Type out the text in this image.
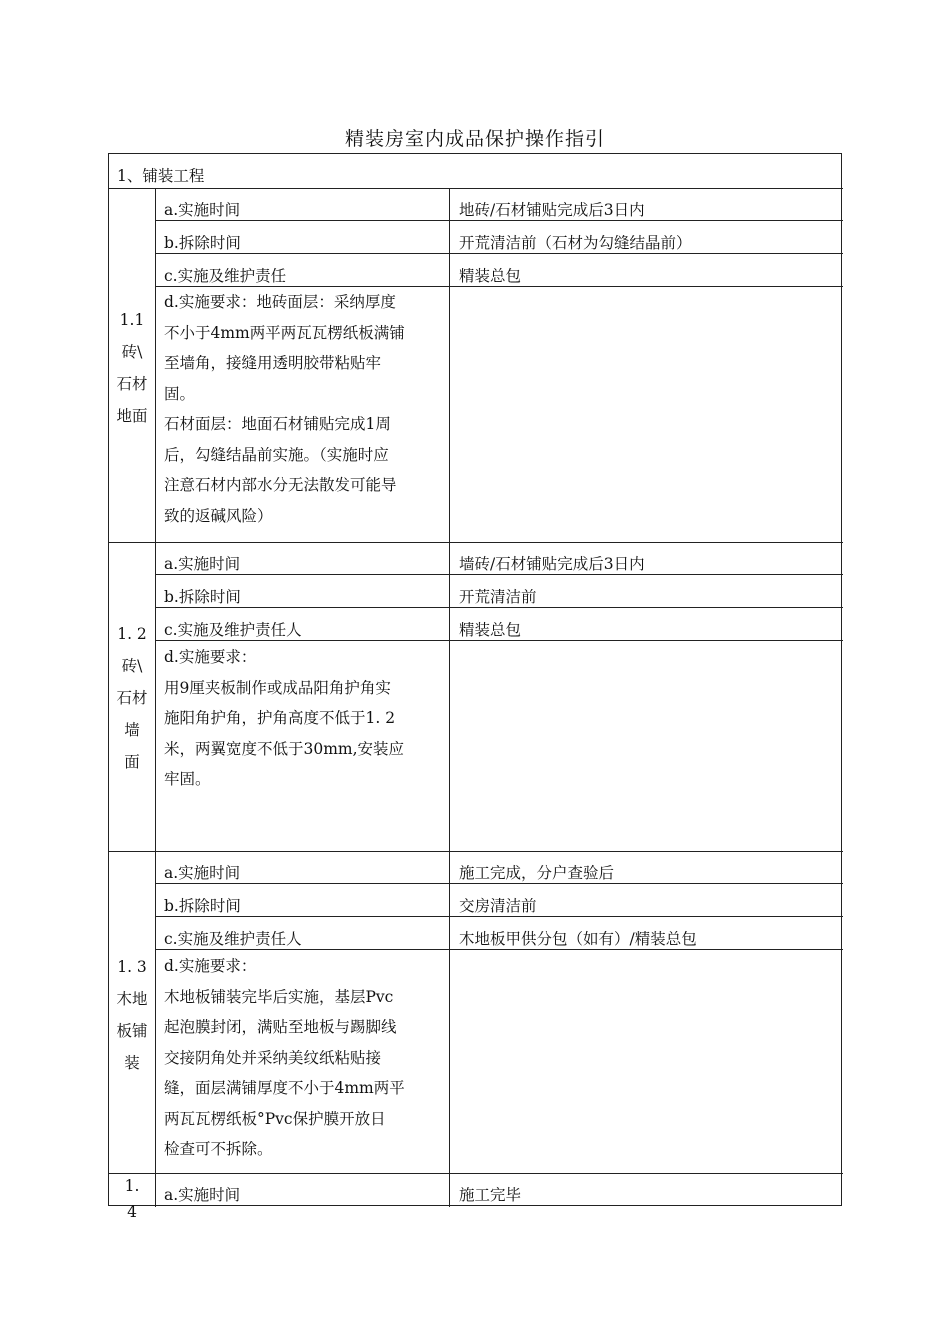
精装房室内成品保护操作指引
1、铺装工程
1.1
砖\
石材
地面
a.实施时间	地砖/石材铺贴完成后3日内
b.拆除时间	开荒清洁前（石材为勾缝结晶前）
c.实施及维护责任	精装总包
d.实施要求：地砖面层：采纳厚度
不小于4mm两平两瓦瓦楞纸板满铺
至墙角，接缝用透明胶带粘贴牢
固。
石材面层：地面石材铺贴完成1周
后，勾缝结晶前实施。（实施时应
注意石材内部水分无法散发可能导
致的返碱风险）
1. 2
砖\
石材
墙
面
a.实施时间	墙砖/石材铺贴完成后3日内
b.拆除时间	开荒清洁前
c.实施及维护责任人	精装总包
d.实施要求：
用9厘夹板制作或成品阳角护角实
施阳角护角，护角高度不低于1. 2
米，两翼宽度不低于30mm,安装应
牢固。
1. 3
木地
板铺
装
a.实施时间	施工完成，分户查验后
b.拆除时间	交房清洁前
c.实施及维护责任人	木地板甲供分包（如有）/精装总包
d.实施要求：
木地板铺装完毕后实施，基层Pvc
起泡膜封闭，满贴至地板与踢脚线
交接阴角处并采纳美纹纸粘贴接
缝，面层满铺厚度不小于4mm两平
两瓦瓦楞纸板°Pvc保护膜开放日
检查可不拆除。
1.
4
a.实施时间	施工完毕
